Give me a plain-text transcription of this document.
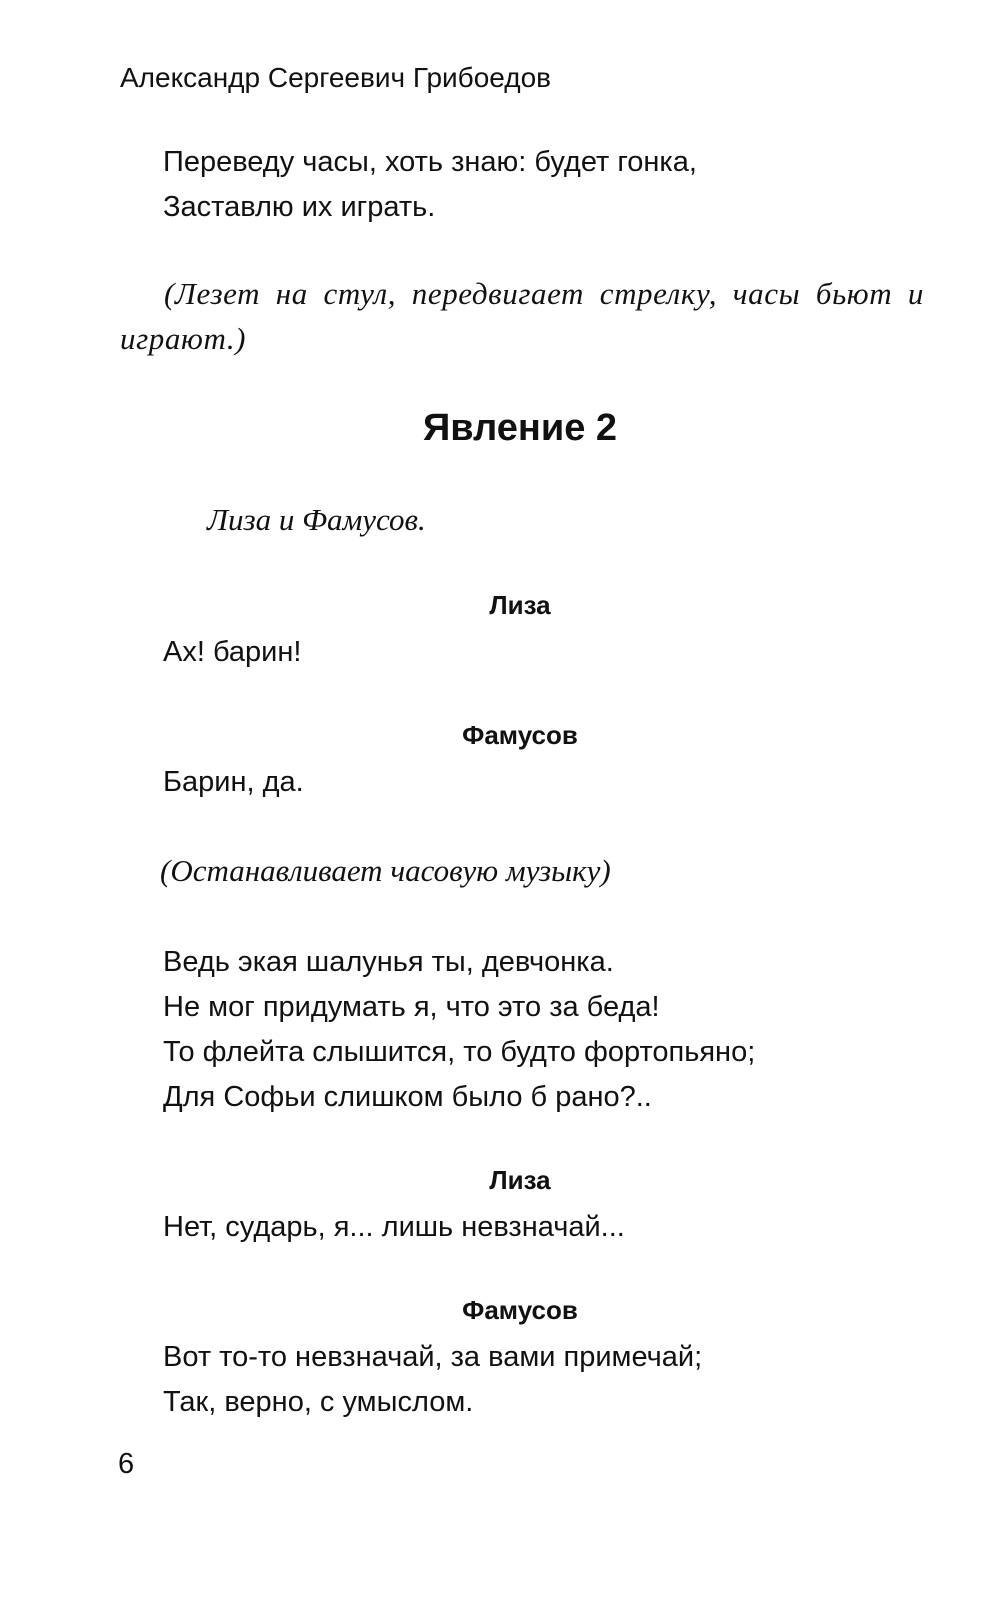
Александр Сергеевич Грибоедов
Переведу часы, хоть знаю: будет гонка,
Заставлю их играть.
(Лезет на стул, передвигает стрелку, часы бьют и играют.)
Явление 2
Лиза и Фамусов.
Лиза
Ах! барин!
Фамусов
Барин, да.
(Останавливает часовую музыку)
Ведь экая шалунья ты, девчонка.
Не мог придумать я, что это за беда!
То флейта слышится, то будто фортопьяно;
Для Софьи слишком было б рано?..
Лиза
Нет, сударь, я... лишь невзначай...
Фамусов
Вот то-то невзначай, за вами примечай;
Так, верно, с умыслом.
6
